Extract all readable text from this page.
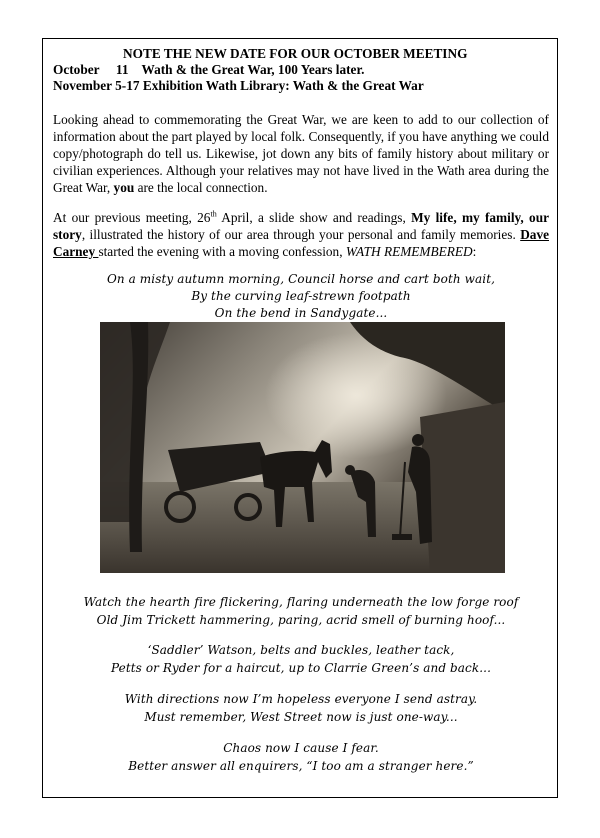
NOTE THE NEW DATE FOR OUR OCTOBER MEETING
October     11    Wath & the Great War, 100 Years later.
November 5-17 Exhibition Wath Library: Wath & the Great War

Looking ahead to commemorating the Great War, we are keen to add to our collection of information about the part played by local folk. Consequently, if you have anything we could copy/photograph do tell us. Likewise, jot down any bits of family history about military or civilian experiences. Although your relatives may not have lived in the Wath area during the Great War, you are the local connection.

At our previous meeting, 26th April, a slide show and readings, My life, my family, our story, illustrated the history of our area through your personal and family memories. Dave Carney started the evening with a moving confession, WATH REMEMBERED:

On a misty autumn morning, Council horse and cart both wait,
By the curving leaf-strewn footpath
On the bend in Sandygate...
Watch the hearth fire flickering, flaring underneath the low forge roof
Old Jim Trickett hammering, paring, acrid smell of burning hoof...
‘Saddler’ Watson, belts and buckles, leather tack,
Petts or Ryder for a haircut, up to Clarrie Green’s and back...
With directions now I’m hopeless everyone I send astray.
Must remember, West Street now is just one-way...
Chaos now I cause I fear.
Better answer all enquirers, “I too am a stranger here.”
